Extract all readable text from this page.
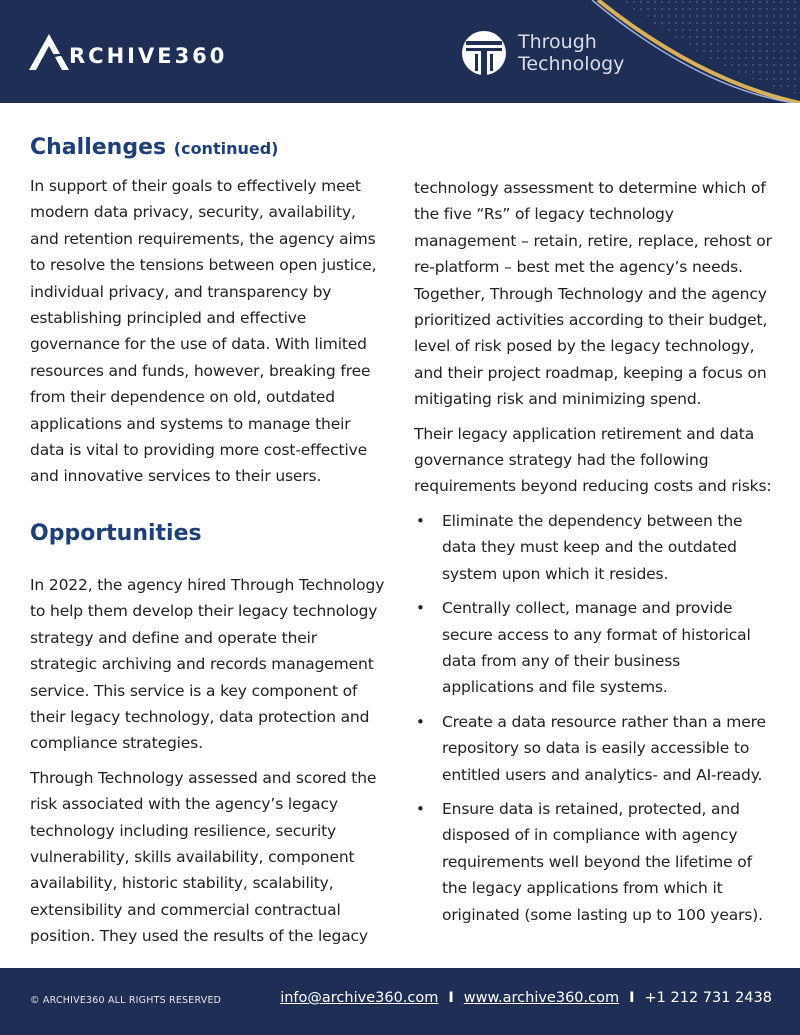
RCHIVE360
Through
Technology
Challenges (continued)

In support of their goals to effectively meet modern data privacy, security, availability, and retention requirements, the agency aims to resolve the tensions between open justice, individual privacy, and transparency by establishing principled and effective governance for the use of data. With limited resources and funds, however, breaking free from their dependence on old, outdated applications and systems to manage their data is vital to providing more cost-effective and innovative services to their users.

Opportunities

In 2022, the agency hired Through Technology to help them develop their legacy technology strategy and define and operate their strategic archiving and records management service. This service is a key component of their legacy technology, data protection and compliance strategies.

Through Technology assessed and scored the risk associated with the agency’s legacy technology including resilience, security vulnerability, skills availability, component availability, historic stability, scalability, extensibility and commercial contractual position. They used the results of the legacy

technology assessment to determine which of the five “Rs” of legacy technology management – retain, retire, replace, rehost or re-platform – best met the agency’s needs. Together, Through Technology and the agency prioritized activities according to their budget, level of risk posed by the legacy technology, and their project roadmap, keeping a focus on mitigating risk and minimizing spend.

Their legacy application retirement and data governance strategy had the following requirements beyond reducing costs and risks:

• Eliminate the dependency between the data they must keep and the outdated system upon which it resides.
• Centrally collect, manage and provide secure access to any format of historical data from any of their business applications and file systems.
• Create a data resource rather than a mere repository so data is easily accessible to entitled users and analytics- and AI-ready.
• Ensure data is retained, protected, and disposed of in compliance with agency requirements well beyond the lifetime of the legacy applications from which it originated (some lasting up to 100 years).
© ARCHIVE360 ALL RIGHTS RESERVED	info@archive360.com I www.archive360.com I +1 212 731 2438
